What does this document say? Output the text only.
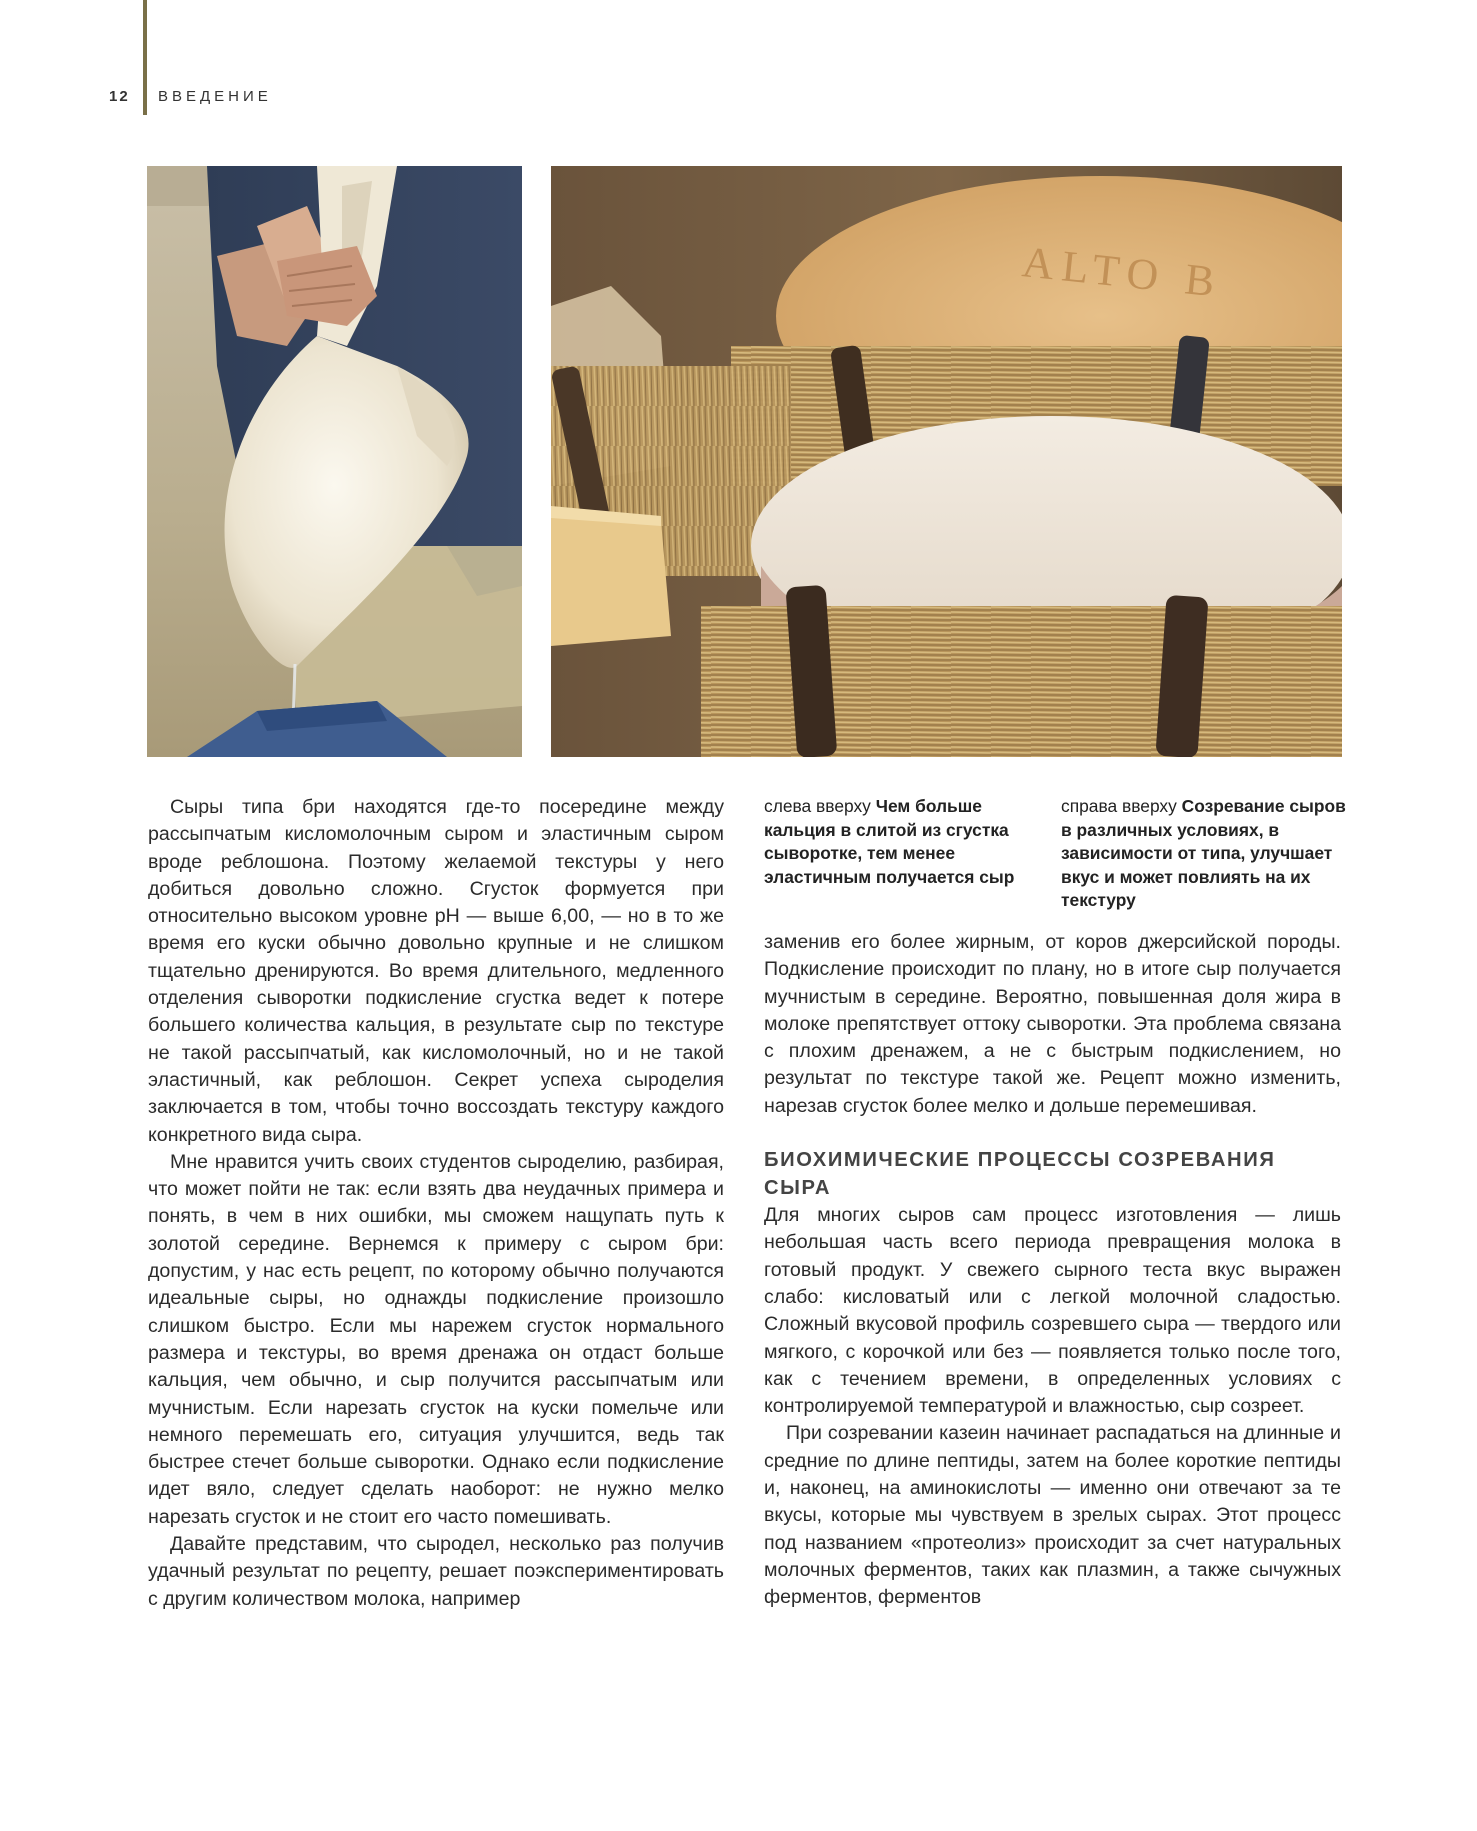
12 ВВЕДЕНИЕ
ALTO B

Сыры типа бри находятся где-то посередине между рассыпчатым кисломолочным сыром и эластичным сыром вроде реблошона. Поэтому желаемой текстуры у него добиться довольно сложно. Сгусток формуется при относительно высоком уровне pH — выше 6,00, — но в то же время его куски обычно довольно крупные и не слишком тщательно дренируются. Во время длительного, медленного отделения сыворотки подкисление сгустка ведет к потере большего количества кальция, в результате сыр по текстуре не такой рассыпчатый, как кисломолочный, но и не такой эластичный, как реблошон. Секрет успеха сыроделия заключается в том, чтобы точно воссоздать текстуру каждого конкретного вида сыра.

Мне нравится учить своих студентов сыроделию, разбирая, что может пойти не так: если взять два неудачных примера и понять, в чем в них ошибки, мы сможем нащупать путь к золотой середине. Вернемся к примеру с сыром бри: допустим, у нас есть рецепт, по которому обычно получаются идеальные сыры, но однажды подкисление произошло слишком быстро. Если мы нарежем сгусток нормального размера и текстуры, во время дренажа он отдаст больше кальция, чем обычно, и сыр получится рассыпчатым или мучнистым. Если нарезать сгусток на куски помельче или немного перемешать его, ситуация улучшится, ведь так быстрее стечет больше сыворотки. Однако если подкисление идет вяло, следует сделать наоборот: не нужно мелко нарезать сгусток и не стоит его часто помешивать.

Давайте представим, что сыродел, несколько раз получив удачный результат по рецепту, решает поэкспериментировать с другим количеством молока, например

слева вверху Чем больше кальция в слитой из сгустка сыворотке, тем менее эластичным получается сыр
справа вверху Созревание сыров в различных условиях, в зависимости от типа, улучшает вкус и может повлиять на их текстуру

заменив его более жирным, от коров джерсийской породы. Подкисление происходит по плану, но в итоге сыр получается мучнистым в середине. Вероятно, повышенная доля жира в молоке препятствует оттоку сыворотки. Эта проблема связана с плохим дренажем, а не с быстрым подкислением, но результат по текстуре такой же. Рецепт можно изменить, нарезав сгусток более мелко и дольше перемешивая.

БИОХИМИЧЕСКИЕ ПРОЦЕССЫ СОЗРЕВАНИЯ СЫРА

Для многих сыров сам процесс изготовления — лишь небольшая часть всего периода превращения молока в готовый продукт. У свежего сырного теста вкус выражен слабо: кисловатый или с легкой молочной сладостью. Сложный вкусовой профиль созревшего сыра — твердого или мягкого, с корочкой или без — появляется только после того, как с течением времени, в определенных условиях с контролируемой температурой и влажностью, сыр созреет.

При созревании казеин начинает распадаться на длинные и средние по длине пептиды, затем на более короткие пептиды и, наконец, на аминокислоты — именно они отвечают за те вкусы, которые мы чувствуем в зрелых сырах. Этот процесс под названием «протеолиз» происходит за счет натуральных молочных ферментов, таких как плазмин, а также сычужных ферментов, ферментов
